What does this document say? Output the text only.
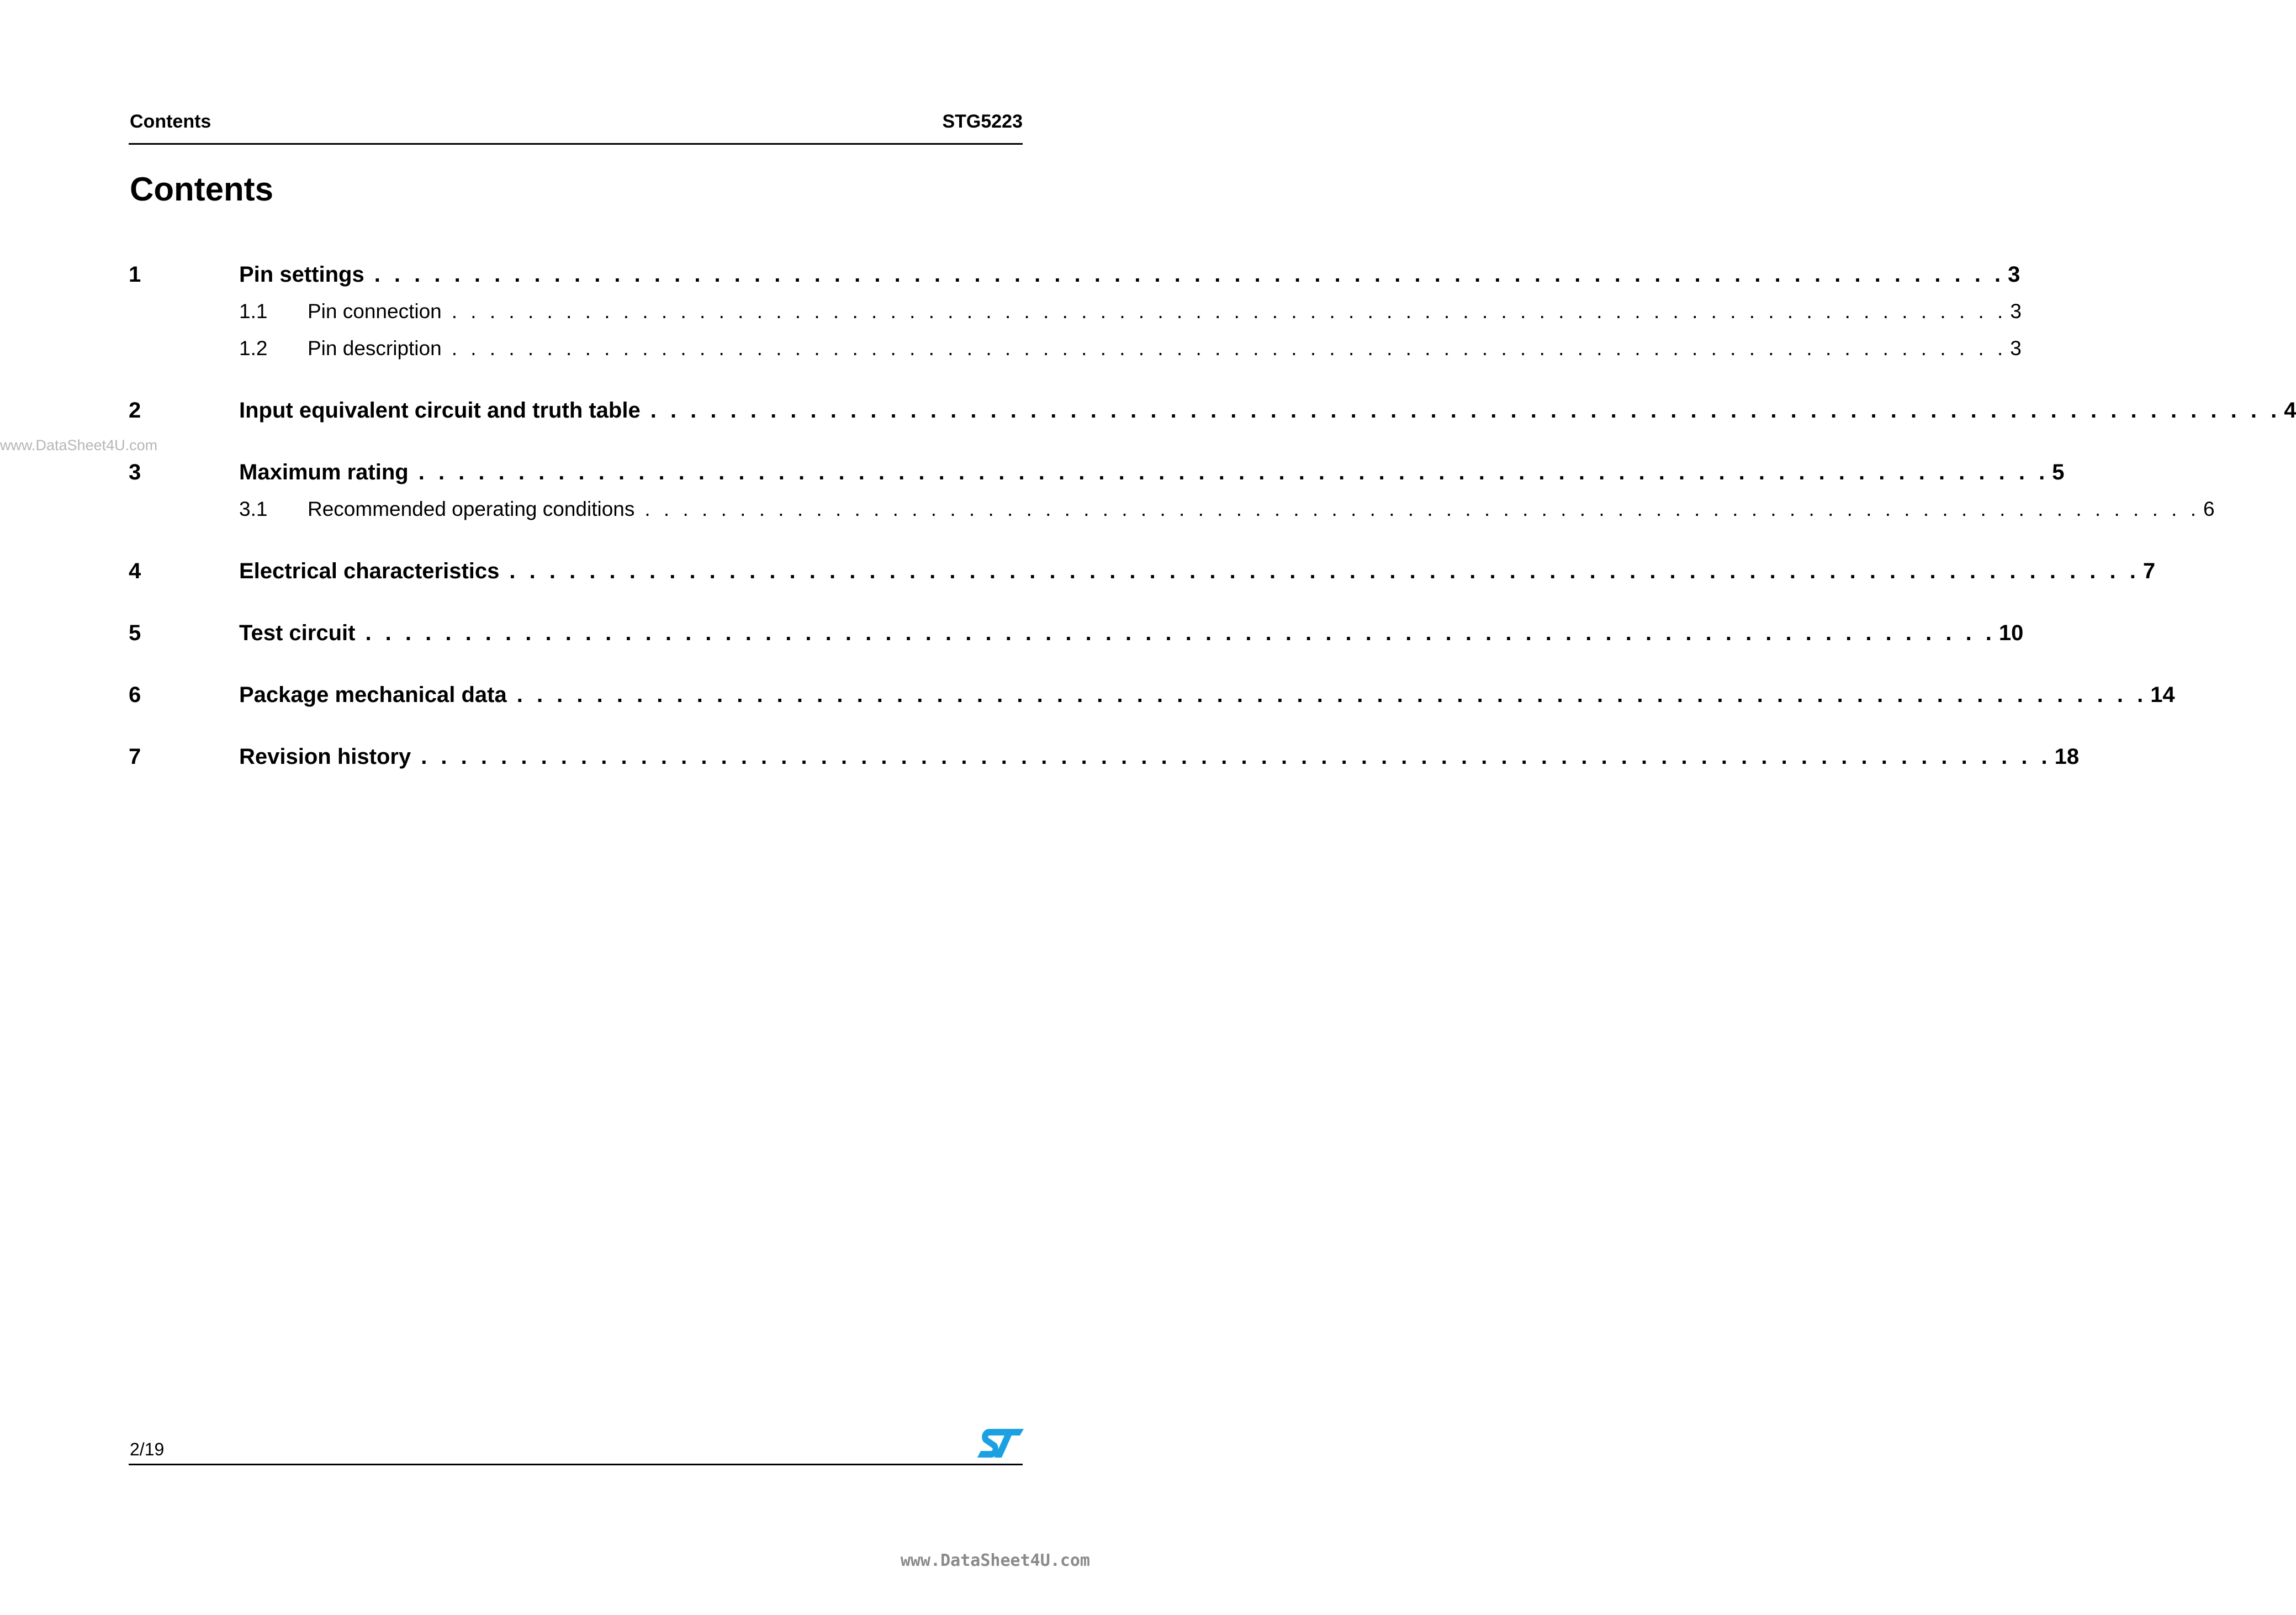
Contents	STG5223
Contents
1	Pin settings . . . . . . . . . . . . . . . . . . . . . . . . . . . . . . . . . . . . . . . . . . . . . . . . . . . . . . . . . . . . . . . . . . . . . . . . . . . . . . . . . . 3
1.1	Pin connection . . . . . . . . . . . . . . . . . . . . . . . . . . . . . . . . . . . . . . . . . . . . . . . . . . . . . . . . . . . . . . . . . . . . . . . . . . . . . . . . . . 3
1.2	Pin description . . . . . . . . . . . . . . . . . . . . . . . . . . . . . . . . . . . . . . . . . . . . . . . . . . . . . . . . . . . . . . . . . . . . . . . . . . . . . . . . . . 3
2	Input equivalent circuit and truth table . . . . . . . . . . . . . . . . . . . . . . . . . . . . . . . . . . . . . . . . . . . . . . . . . . . . . . . . . . . . . . . . . . . . . . . . . . . . . . . . . . 4
3	Maximum rating . . . . . . . . . . . . . . . . . . . . . . . . . . . . . . . . . . . . . . . . . . . . . . . . . . . . . . . . . . . . . . . . . . . . . . . . . . . . . . . . . . 5
3.1	Recommended operating conditions . . . . . . . . . . . . . . . . . . . . . . . . . . . . . . . . . . . . . . . . . . . . . . . . . . . . . . . . . . . . . . . . . . . . . . . . . . . . . . . . . . 6
4	Electrical characteristics . . . . . . . . . . . . . . . . . . . . . . . . . . . . . . . . . . . . . . . . . . . . . . . . . . . . . . . . . . . . . . . . . . . . . . . . . . . . . . . . . . 7
5	Test circuit . . . . . . . . . . . . . . . . . . . . . . . . . . . . . . . . . . . . . . . . . . . . . . . . . . . . . . . . . . . . . . . . . . . . . . . . . . . . . . . . . . 10
6	Package mechanical data . . . . . . . . . . . . . . . . . . . . . . . . . . . . . . . . . . . . . . . . . . . . . . . . . . . . . . . . . . . . . . . . . . . . . . . . . . . . . . . . . . 14
7	Revision history . . . . . . . . . . . . . . . . . . . . . . . . . . . . . . . . . . . . . . . . . . . . . . . . . . . . . . . . . . . . . . . . . . . . . . . . . . . . . . . . . . 18
www.DataSheet4U.com
2/19
www.DataSheet4U.com
